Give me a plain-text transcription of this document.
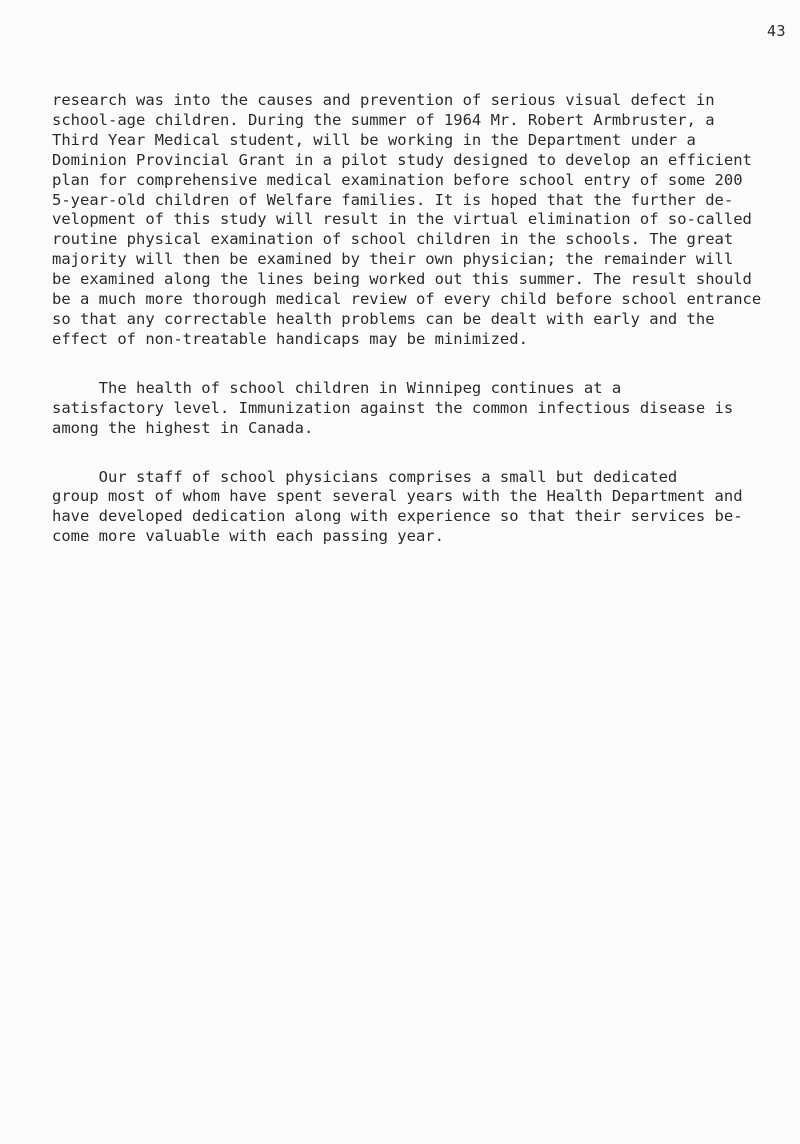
43

research was into the causes and prevention of serious visual defect in
school-age children. During the summer of 1964 Mr. Robert Armbruster, a
Third Year Medical student, will be working in the Department under a
Dominion Provincial Grant in a pilot study designed to develop an efficient
plan for comprehensive medical examination before school entry of some 200
5-year-old children of Welfare families. It is hoped that the further de-
velopment of this study will result in the virtual elimination of so-called
routine physical examination of school children in the schools. The great
majority will then be examined by their own physician; the remainder will
be examined along the lines being worked out this summer. The result should
be a much more thorough medical review of every child before school entrance
so that any correctable health problems can be dealt with early and the
effect of non-treatable handicaps may be minimized.

The health of school children in Winnipeg continues at a
satisfactory level. Immunization against the common infectious disease is
among the highest in Canada.

Our staff of school physicians comprises a small but dedicated
group most of whom have spent several years with the Health Department and
have developed dedication along with experience so that their services be-
come more valuable with each passing year.
